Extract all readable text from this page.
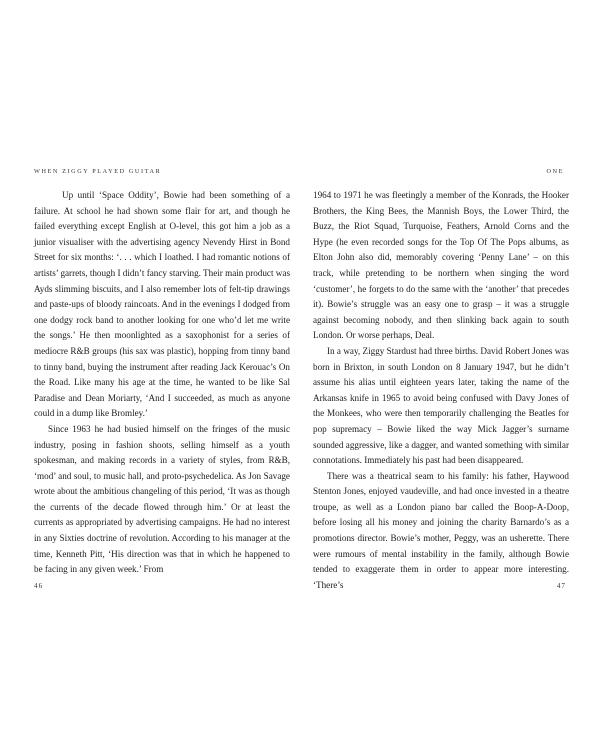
WHEN ZIGGY PLAYED GUITAR	ONE

Up until ‘Space Oddity’, Bowie had been something of a failure. At school he had shown some flair for art, and though he failed everything except English at O-level, this got him a job as a junior visualiser with the advertising agency Nevendy Hirst in Bond Street for six months: ‘. . . which I loathed. I had romantic notions of artists’ garrets, though I didn’t fancy starving. Their main product was Ayds slimming biscuits, and I also remember lots of felt-tip drawings and paste-ups of bloody raincoats. And in the evenings I dodged from one dodgy rock band to another looking for one who’d let me write the songs.’ He then moonlighted as a saxophonist for a series of mediocre R&B groups (his sax was plastic), hopping from tinny band to tinny band, buying the instrument after reading Jack Kerouac’s On the Road. Like many his age at the time, he wanted to be like Sal Paradise and Dean Moriarty, ‘And I succeeded, as much as anyone could in a dump like Bromley.’

Since 1963 he had busied himself on the fringes of the music industry, posing in fashion shoots, selling himself as a youth spokesman, and making records in a variety of styles, from R&B, ‘mod’ and soul, to music hall, and proto-psychedelica. As Jon Savage wrote about the ambitious changeling of this period, ‘It was as though the currents of the decade flowed through him.’ Or at least the currents as appropriated by advertising campaigns. He had no interest in any Sixties doctrine of revolution. According to his manager at the time, Kenneth Pitt, ‘His direction was that in which he happened to be facing in any given week.’ From

1964 to 1971 he was fleetingly a member of the Konrads, the Hooker Brothers, the King Bees, the Mannish Boys, the Lower Third, the Buzz, the Riot Squad, Turquoise, Feathers, Arnold Corns and the Hype (he even recorded songs for the Top Of The Pops albums, as Elton John also did, memorably covering ‘Penny Lane’ – on this track, while pretending to be northern when singing the word ‘customer’, he forgets to do the same with the ‘another’ that precedes it). Bowie’s struggle was an easy one to grasp – it was a struggle against becoming nobody, and then slinking back again to south London. Or worse perhaps, Deal.

In a way, Ziggy Stardust had three births. David Robert Jones was born in Brixton, in south London on 8 January 1947, but he didn’t assume his alias until eighteen years later, taking the name of the Arkansas knife in 1965 to avoid being confused with Davy Jones of the Monkees, who were then temporarily challenging the Beatles for pop supremacy – Bowie liked the way Mick Jagger’s surname sounded aggressive, like a dagger, and wanted something with similar connotations. Immediately his past had been disappeared.

There was a theatrical seam to his family: his father, Haywood Stenton Jones, enjoyed vaudeville, and had once invested in a theatre troupe, as well as a London piano bar called the Boop-A-Doop, before losing all his money and joining the charity Barnardo’s as a promotions director. Bowie’s mother, Peggy, was an usherette. There were rumours of mental instability in the family, although Bowie tended to exaggerate them in order to appear more interesting. ‘There’s

46	47
